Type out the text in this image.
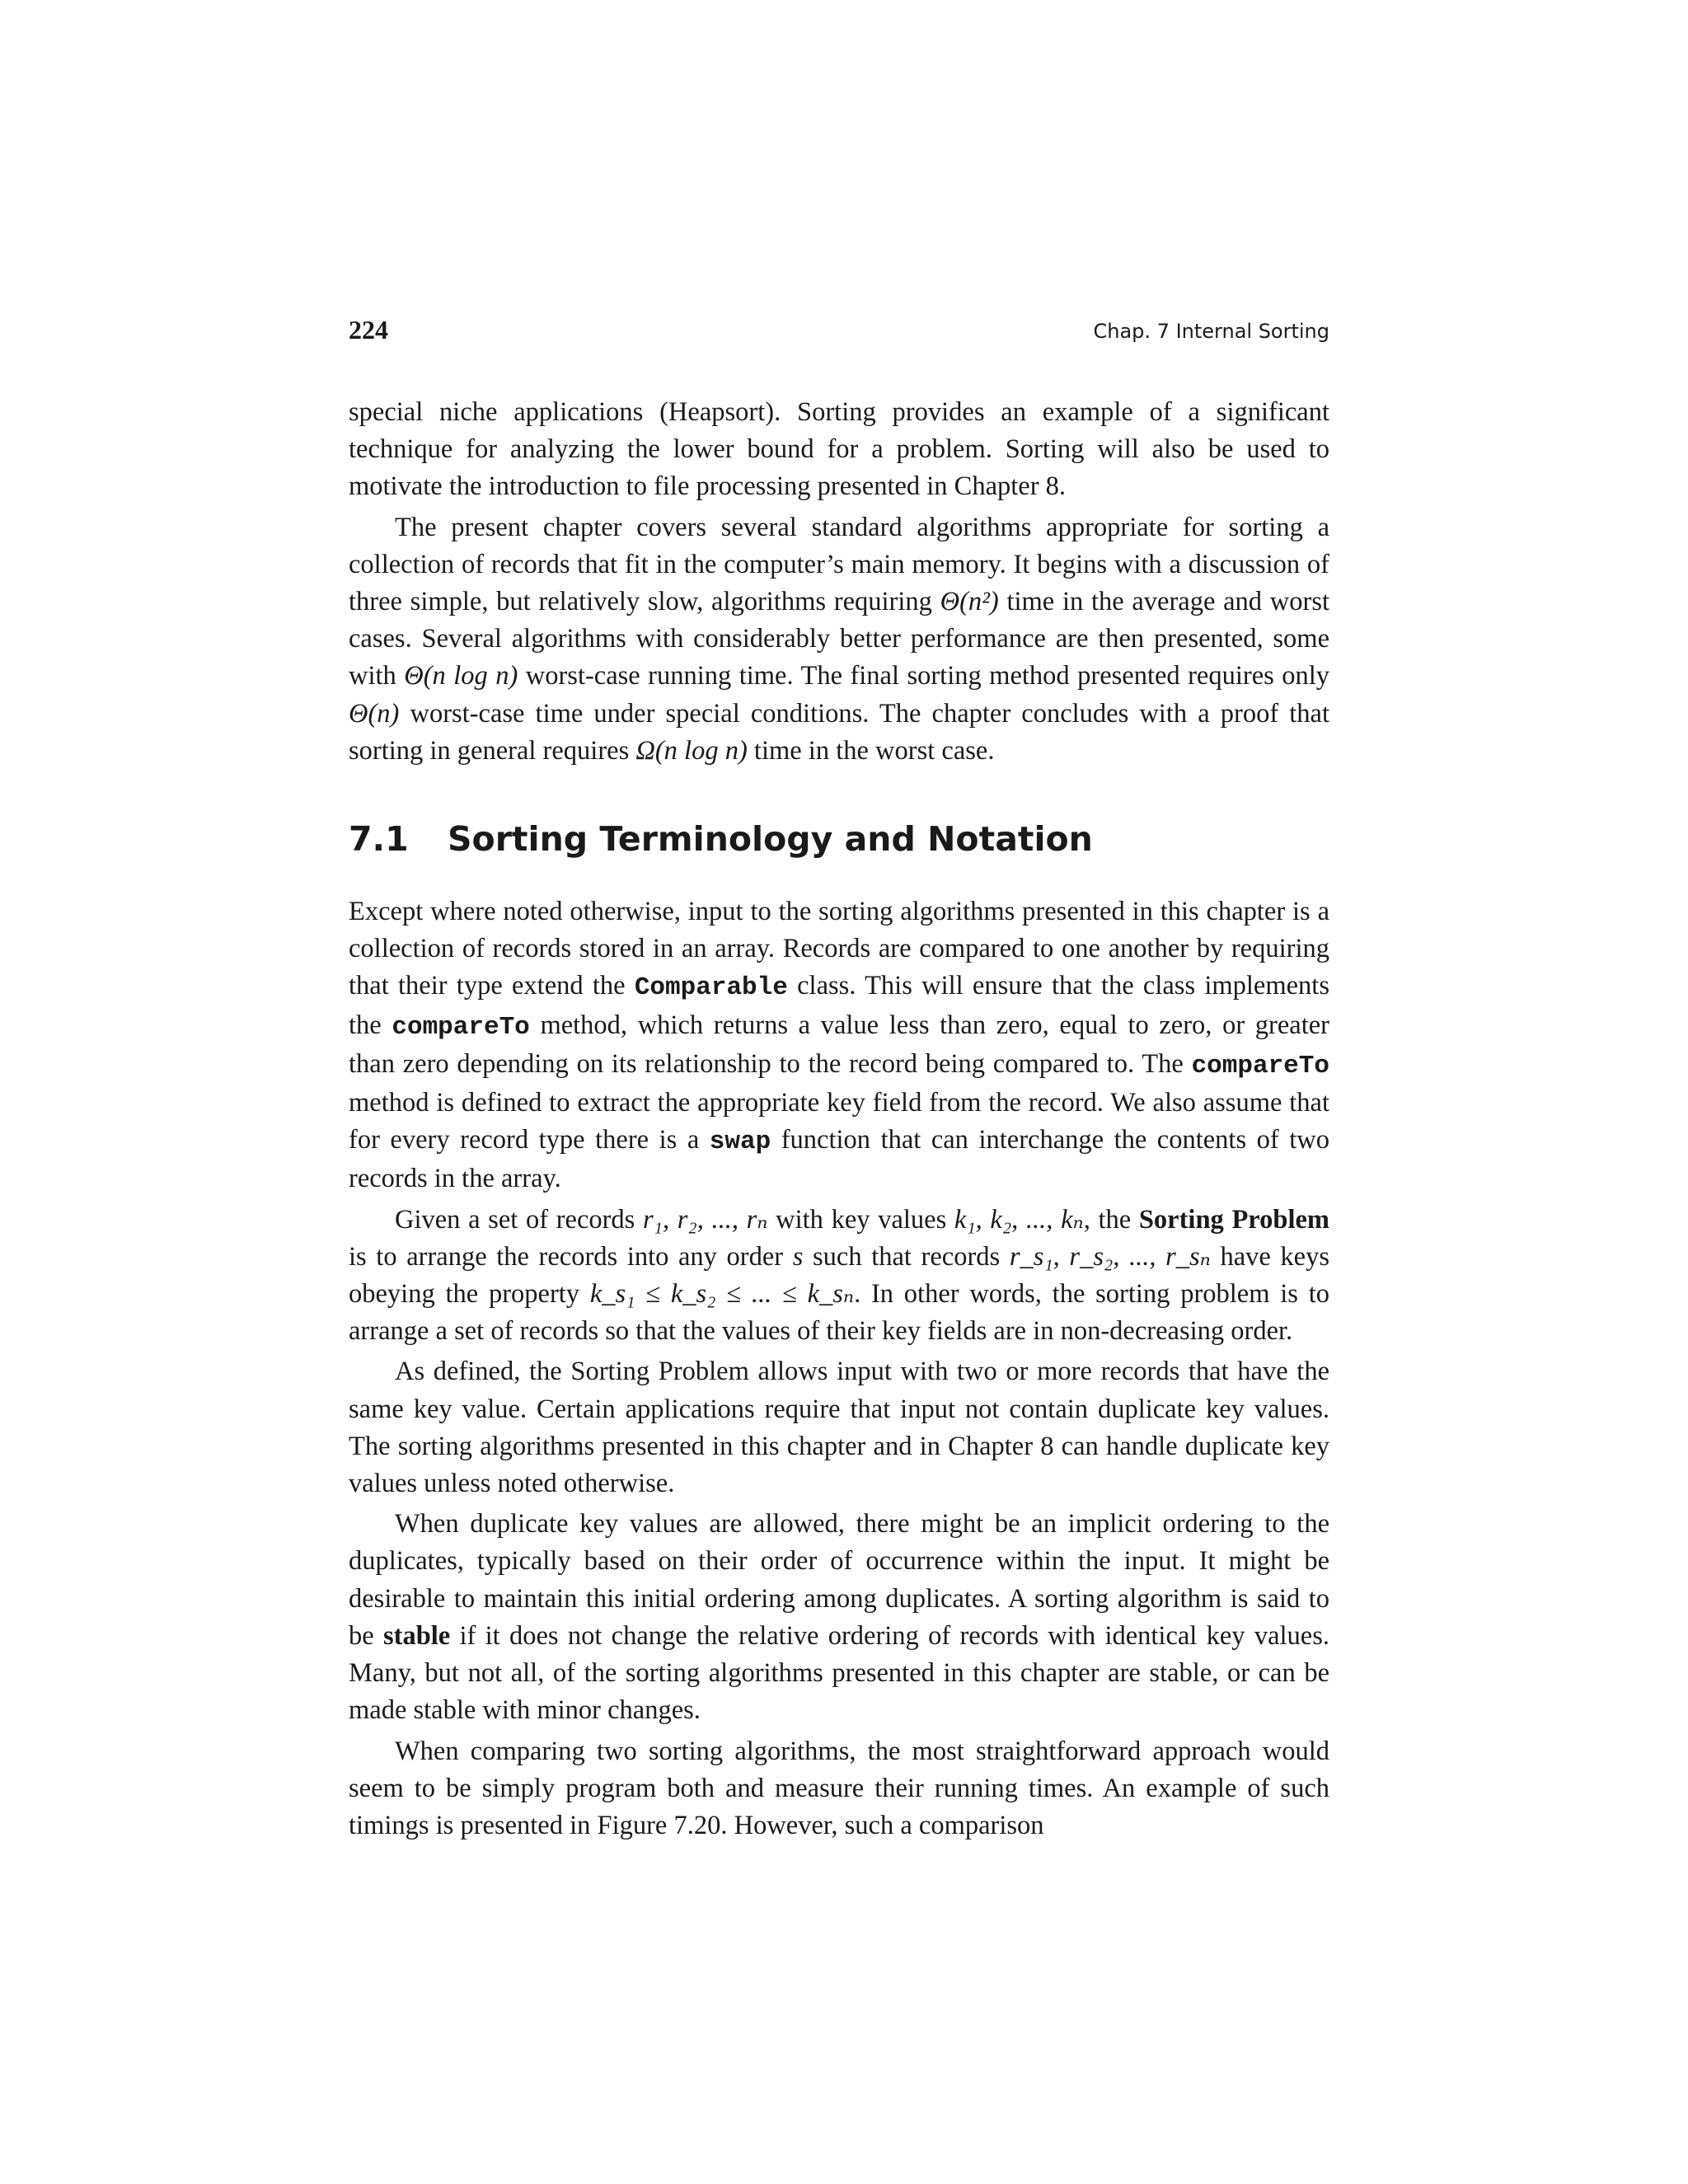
224	Chap. 7 Internal Sorting

special niche applications (Heapsort). Sorting provides an example of a significant technique for analyzing the lower bound for a problem. Sorting will also be used to motivate the introduction to file processing presented in Chapter 8.

The present chapter covers several standard algorithms appropriate for sorting a collection of records that fit in the computer’s main memory. It begins with a discussion of three simple, but relatively slow, algorithms requiring Θ(n²) time in the average and worst cases. Several algorithms with considerably better performance are then presented, some with Θ(n log n) worst-case running time. The final sorting method presented requires only Θ(n) worst-case time under special conditions. The chapter concludes with a proof that sorting in general requires Ω(n log n) time in the worst case.

7.1 Sorting Terminology and Notation

Except where noted otherwise, input to the sorting algorithms presented in this chapter is a collection of records stored in an array. Records are compared to one another by requiring that their type extend the Comparable class. This will ensure that the class implements the compareTo method, which returns a value less than zero, equal to zero, or greater than zero depending on its relationship to the record being compared to. The compareTo method is defined to extract the appropriate key field from the record. We also assume that for every record type there is a swap function that can interchange the contents of two records in the array.

Given a set of records r₁, r₂, ..., rₙ with key values k₁, k₂, ..., kₙ, the Sorting Problem is to arrange the records into any order s such that records r_s₁, r_s₂, ..., r_sₙ have keys obeying the property k_s₁ ≤ k_s₂ ≤ ... ≤ k_sₙ. In other words, the sorting problem is to arrange a set of records so that the values of their key fields are in non-decreasing order.

As defined, the Sorting Problem allows input with two or more records that have the same key value. Certain applications require that input not contain duplicate key values. The sorting algorithms presented in this chapter and in Chapter 8 can handle duplicate key values unless noted otherwise.

When duplicate key values are allowed, there might be an implicit ordering to the duplicates, typically based on their order of occurrence within the input. It might be desirable to maintain this initial ordering among duplicates. A sorting algorithm is said to be stable if it does not change the relative ordering of records with identical key values. Many, but not all, of the sorting algorithms presented in this chapter are stable, or can be made stable with minor changes.

When comparing two sorting algorithms, the most straightforward approach would seem to be simply program both and measure their running times. An example of such timings is presented in Figure 7.20. However, such a comparison
